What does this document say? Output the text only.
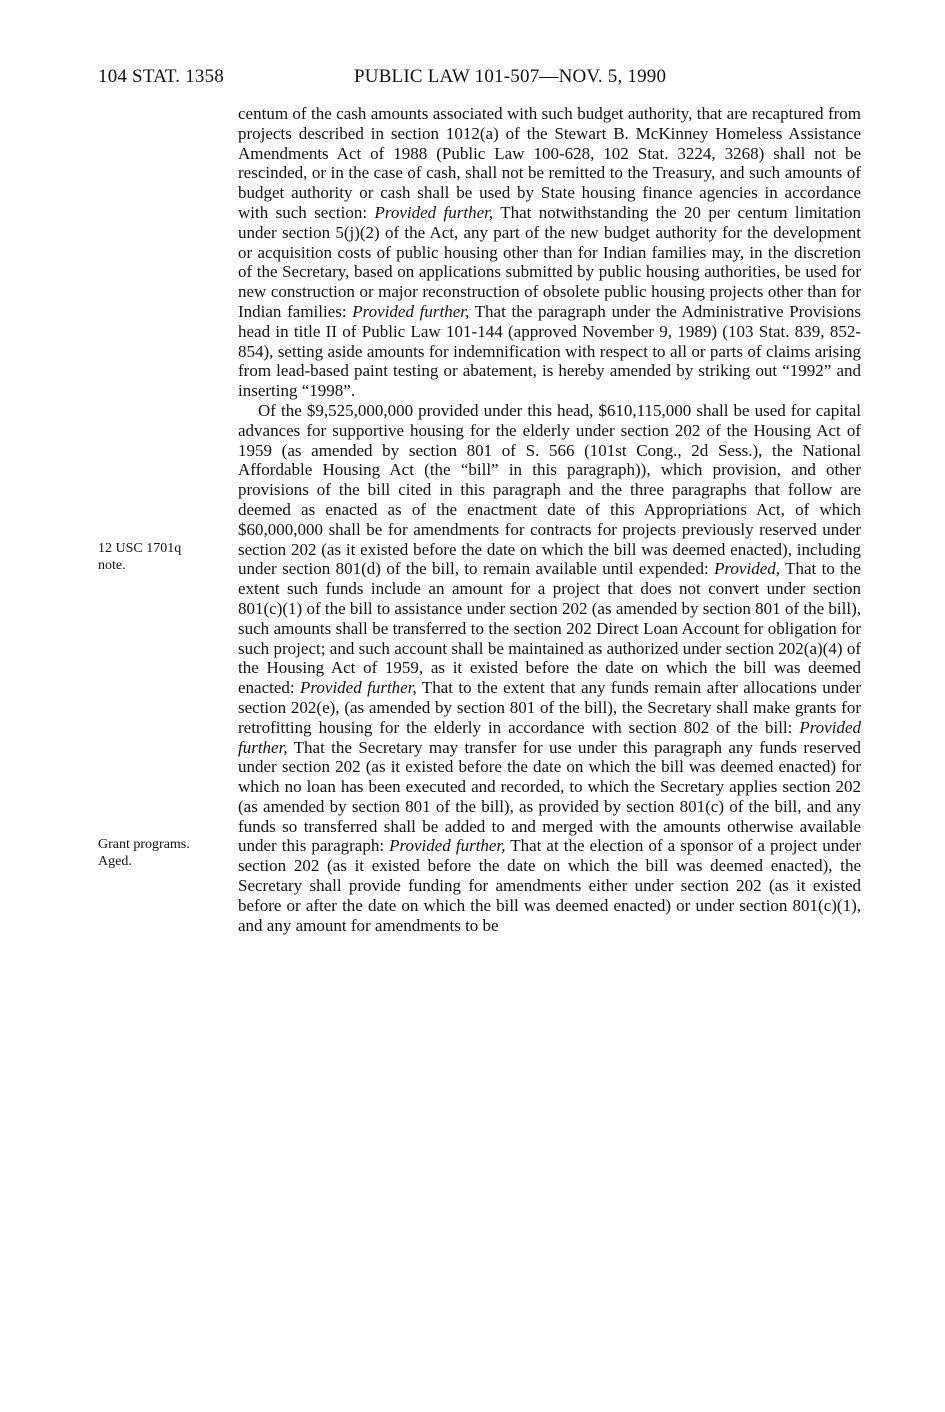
104 STAT. 1358	PUBLIC LAW 101-507—NOV. 5, 1990
12 USC 1701q
note.
Grant programs.
Aged.

centum of the cash amounts associated with such budget authority, that are recaptured from projects described in section 1012(a) of the Stewart B. McKinney Homeless Assistance Amendments Act of 1988 (Public Law 100-628, 102 Stat. 3224, 3268) shall not be rescinded, or in the case of cash, shall not be remitted to the Treasury, and such amounts of budget authority or cash shall be used by State housing finance agencies in accordance with such section: Provided further, That notwithstanding the 20 per centum limitation under section 5(j)(2) of the Act, any part of the new budget authority for the development or acquisition costs of public housing other than for Indian families may, in the discretion of the Secretary, based on applications submitted by public housing authorities, be used for new construction or major reconstruction of obsolete public housing projects other than for Indian families: Provided further, That the paragraph under the Administrative Provisions head in title II of Public Law 101-144 (approved November 9, 1989) (103 Stat. 839, 852-854), setting aside amounts for indemnification with respect to all or parts of claims arising from lead-based paint testing or abatement, is hereby amended by striking out “1992” and inserting “1998”.

Of the $9,525,000,000 provided under this head, $610,115,000 shall be used for capital advances for supportive housing for the elderly under section 202 of the Housing Act of 1959 (as amended by section 801 of S. 566 (101st Cong., 2d Sess.), the National Affordable Housing Act (the “bill” in this paragraph)), which provision, and other provisions of the bill cited in this paragraph and the three paragraphs that follow are deemed as enacted as of the enactment date of this Appropriations Act, of which $60,000,000 shall be for amendments for contracts for projects previously reserved under section 202 (as it existed before the date on which the bill was deemed enacted), including under section 801(d) of the bill, to remain available until expended: Provided, That to the extent such funds include an amount for a project that does not convert under section 801(c)(1) of the bill to assistance under section 202 (as amended by section 801 of the bill), such amounts shall be transferred to the section 202 Direct Loan Account for obligation for such project; and such account shall be maintained as authorized under section 202(a)(4) of the Housing Act of 1959, as it existed before the date on which the bill was deemed enacted: Provided further, That to the extent that any funds remain after allocations under section 202(e), (as amended by section 801 of the bill), the Secretary shall make grants for retrofitting housing for the elderly in accordance with section 802 of the bill: Provided further, That the Secretary may transfer for use under this paragraph any funds reserved under section 202 (as it existed before the date on which the bill was deemed enacted) for which no loan has been executed and recorded, to which the Secretary applies section 202 (as amended by section 801 of the bill), as provided by section 801(c) of the bill, and any funds so transferred shall be added to and merged with the amounts otherwise available under this paragraph: Provided further, That at the election of a sponsor of a project under section 202 (as it existed before the date on which the bill was deemed enacted), the Secretary shall provide funding for amendments either under section 202 (as it existed before or after the date on which the bill was deemed enacted) or under section 801(c)(1), and any amount for amendments to be
